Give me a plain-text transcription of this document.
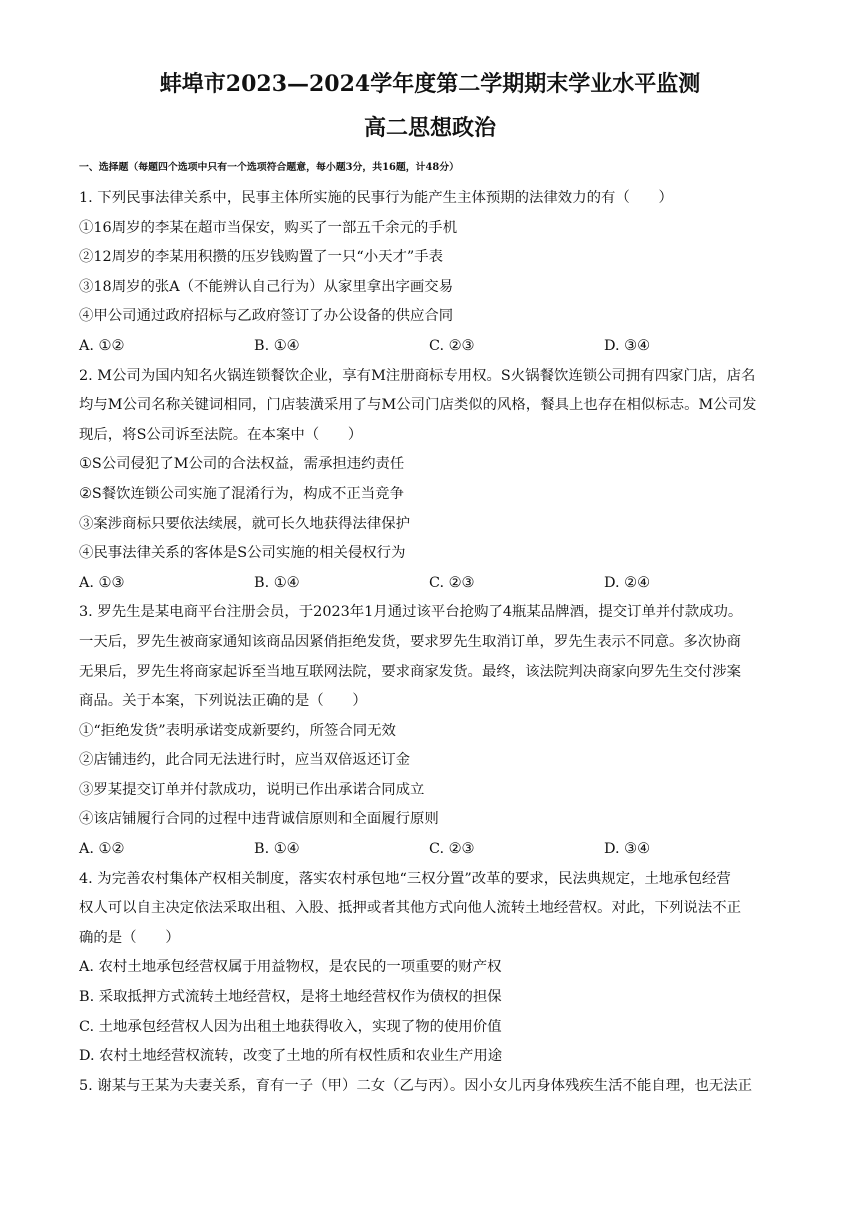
蚌埠市2023—2024学年度第二学期期末学业水平监测
高二思想政治
一、选择题（每题四个选项中只有一个选项符合题意，每小题3分，共16题，计48分）
1. 下列民事法律关系中，民事主体所实施的民事行为能产生主体预期的法律效力的有（　　）
①16周岁的李某在超市当保安，购买了一部五千余元的手机
②12周岁的李某用积攒的压岁钱购置了一只“小天才”手表
③18周岁的张A（不能辨认自己行为）从家里拿出字画交易
④甲公司通过政府招标与乙政府签订了办公设备的供应合同
A. ①②	B. ①④	C. ②③	D. ③④
2. M公司为国内知名火锅连锁餐饮企业，享有M注册商标专用权。S火锅餐饮连锁公司拥有四家门店，店名
均与M公司名称关键词相同，门店装潢采用了与M公司门店类似的风格，餐具上也存在相似标志。M公司发
现后，将S公司诉至法院。在本案中（　　）
①S公司侵犯了M公司的合法权益，需承担违约责任
②S餐饮连锁公司实施了混淆行为，构成不正当竞争
③案涉商标只要依法续展，就可长久地获得法律保护
④民事法律关系的客体是S公司实施的相关侵权行为
A. ①③	B. ①④	C. ②③	D. ②④
3. 罗先生是某电商平台注册会员，于2023年1月通过该平台抢购了4瓶某品牌酒，提交订单并付款成功。
一天后，罗先生被商家通知该商品因紧俏拒绝发货，要求罗先生取消订单，罗先生表示不同意。多次协商
无果后，罗先生将商家起诉至当地互联网法院，要求商家发货。最终，该法院判决商家向罗先生交付涉案
商品。关于本案，下列说法正确的是（　　）
①“拒绝发货”表明承诺变成新要约，所签合同无效
②店铺违约，此合同无法进行时，应当双倍返还订金
③罗某提交订单并付款成功，说明已作出承诺合同成立
④该店铺履行合同的过程中违背诚信原则和全面履行原则
A. ①②	B. ①④	C. ②③	D. ③④
4. 为完善农村集体产权相关制度，落实农村承包地“三权分置”改革的要求，民法典规定，土地承包经营
权人可以自主决定依法采取出租、入股、抵押或者其他方式向他人流转土地经营权。对此，下列说法不正
确的是（　　）
A. 农村土地承包经营权属于用益物权，是农民的一项重要的财产权
B. 采取抵押方式流转土地经营权，是将土地经营权作为债权的担保
C. 土地承包经营权人因为出租土地获得收入，实现了物的使用价值
D. 农村土地经营权流转，改变了土地的所有权性质和农业生产用途
5. 谢某与王某为夫妻关系，育有一子（甲）二女（乙与丙）。因小女儿丙身体残疾生活不能自理，也无法正
